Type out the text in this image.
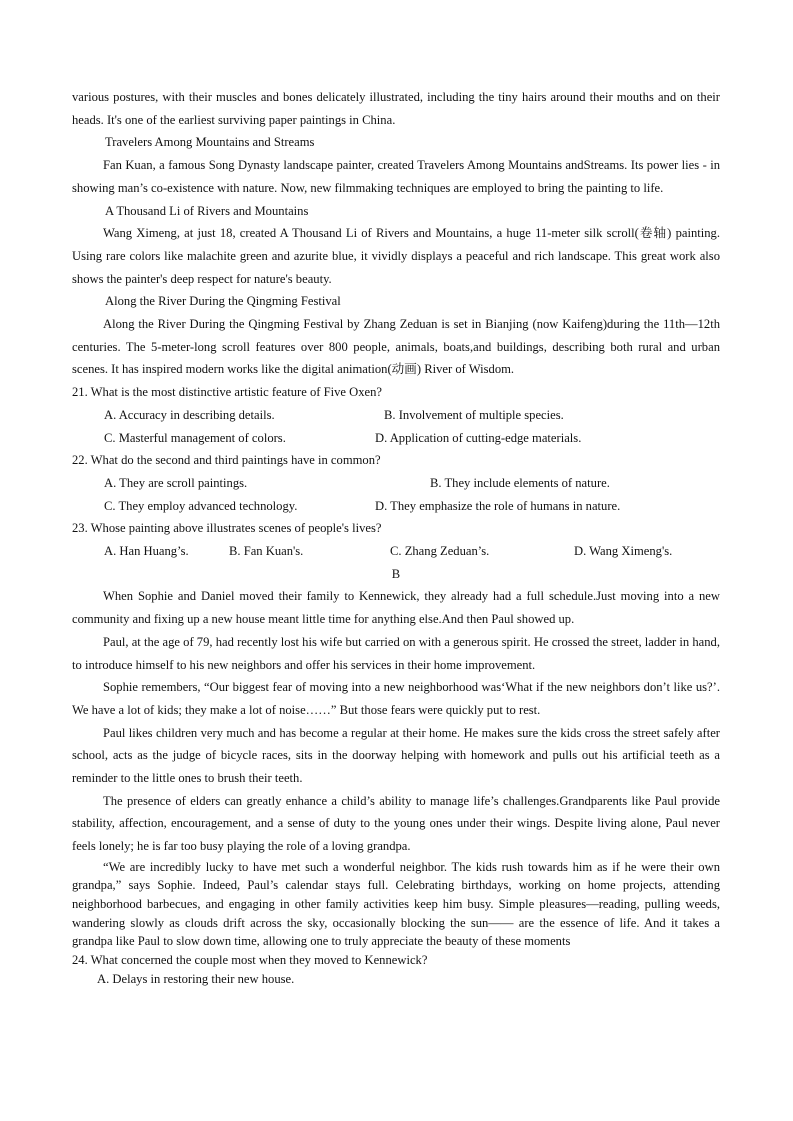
various postures, with their muscles and bones delicately illustrated, including the tiny hairs around their mouths and on their heads. It's one of the earliest surviving paper paintings in China.

Travelers Among Mountains and Streams

Fan Kuan, a famous Song Dynasty landscape painter, created Travelers Among Mountains andStreams. Its power lies - in showing man’s co-existence with nature. Now, new filmmaking techniques are employed to bring the painting to life.

A Thousand Li of Rivers and Mountains

Wang Ximeng, at just 18, created A Thousand Li of Rivers and Mountains, a huge 11-meter silk scroll(卷轴) painting. Using rare colors like malachite green and azurite blue, it vividly displays a peaceful and rich landscape. This great work also shows the painter's deep respect for nature's beauty.

Along the River During the Qingming Festival

Along the River During the Qingming Festival by Zhang Zeduan is set in Bianjing (now Kaifeng)during the 11th—12th centuries. The 5-meter-long scroll features over 800 people, animals, boats,and buildings, describing both rural and urban scenes. It has inspired modern works like the digital animation(动画) River of Wisdom.

21. What is the most distinctive artistic feature of Five Oxen?

A. Accuracy in describing details.	B. Involvement of multiple species.
C. Masterful management of colors.	D. Application of cutting-edge materials.

22. What do the second and third paintings have in common?

A. They are scroll paintings.	B. They include elements of nature.
C. They employ advanced technology.	D. They emphasize the role of humans in nature.

23. Whose painting above illustrates scenes of people's lives?

A. Han Huang’s.	B. Fan Kuan's.	C. Zhang Zeduan’s.	D. Wang Ximeng's.

B

When Sophie and Daniel moved their family to Kennewick, they already had a full schedule.Just moving into a new community and fixing up a new house meant little time for anything else.And then Paul showed up.

Paul, at the age of 79, had recently lost his wife but carried on with a generous spirit. He crossed the street, ladder in hand, to introduce himself to his new neighbors and offer his services in their home improvement.

Sophie remembers, “Our biggest fear of moving into a new neighborhood was‘What if the new neighbors don’t like us?’. We have a lot of kids; they make a lot of noise……” But those fears were quickly put to rest.

Paul likes children very much and has become a regular at their home. He makes sure the kids cross the street safely after school, acts as the judge of bicycle races, sits in the doorway helping with homework and pulls out his artificial teeth as a reminder to the little ones to brush their teeth.

The presence of elders can greatly enhance a child’s ability to manage life’s challenges.Grandparents like Paul provide stability, affection, encouragement, and a sense of duty to the young ones under their wings. Despite living alone, Paul never feels lonely; he is far too busy playing the role of a loving grandpa.

“We are incredibly lucky to have met such a wonderful neighbor. The kids rush towards him as if he were their own grandpa,” says Sophie. Indeed, Paul’s calendar stays full. Celebrating birthdays, working on home projects, attending neighborhood barbecues, and engaging in other family activities keep him busy. Simple pleasures—reading, pulling weeds, wandering slowly as clouds drift across the sky, occasionally blocking the sun—— are the essence of life. And it takes a grandpa like Paul to slow down time, allowing one to truly appreciate the beauty of these moments

24. What concerned the couple most when they moved to Kennewick?

A. Delays in restoring their new house.
